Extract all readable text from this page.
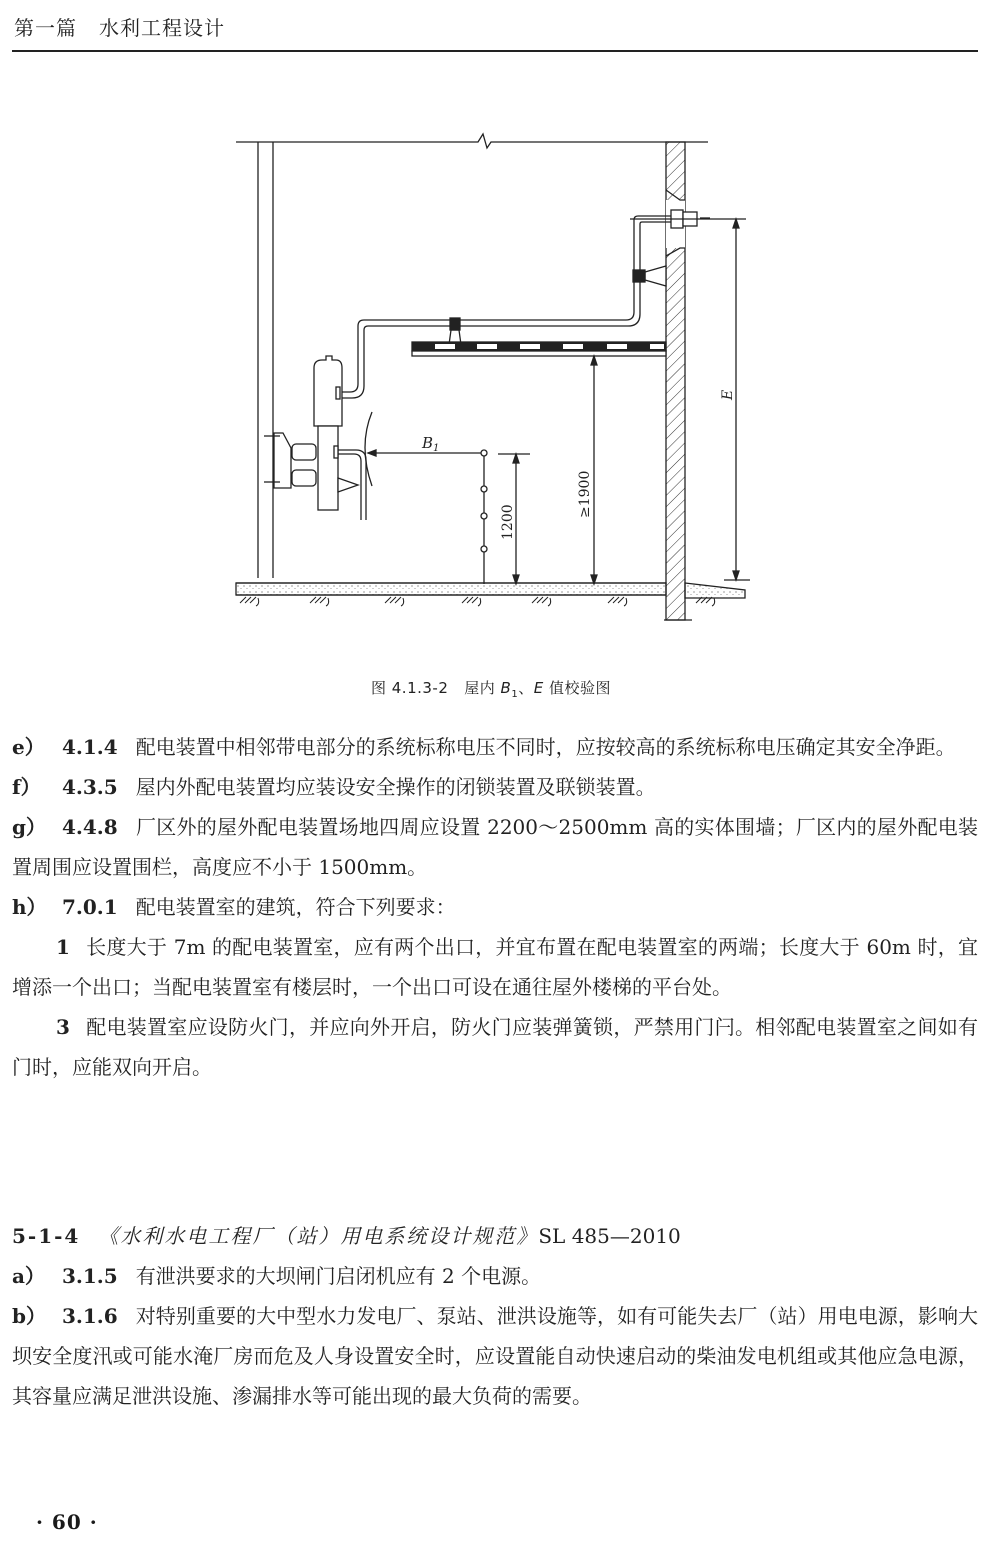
第一篇 水利工程设计
$B_1$
1200
≥1900
E
图 4.1.3-2 屋内 $B_1$、E 值校验图

e） 4.1.4 配电装置中相邻带电部分的系统标称电压不同时，应按较高的系统标称电压确定其安全净距。

f） 4.3.5 屋内外配电装置均应装设安全操作的闭锁装置及联锁装置。

g） 4.4.8 厂区外的屋外配电装置场地四周应设置 2200～2500mm 高的实体围墙；厂区内的屋外配电装置周围应设置围栏，高度应不小于 1500mm。

h） 7.0.1 配电装置室的建筑，符合下列要求：

1 长度大于 7m 的配电装置室，应有两个出口，并宜布置在配电装置室的两端；长度大于 60m 时，宜增添一个出口；当配电装置室有楼层时，一个出口可设在通往屋外楼梯的平台处。

3 配电装置室应设防火门，并应向外开启，防火门应装弹簧锁，严禁用门闩。相邻配电装置室之间如有门时，应能双向开启。

5-1-4 《水利水电工程厂（站）用电系统设计规范》SL 485—2010

a） 3.1.5 有泄洪要求的大坝闸门启闭机应有 2 个电源。

b） 3.1.6 对特别重要的大中型水力发电厂、泵站、泄洪设施等，如有可能失去厂（站）用电电源，影响大坝安全度汛或可能水淹厂房而危及人身设置安全时，应设置能自动快速启动的柴油发电机组或其他应急电源，其容量应满足泄洪设施、渗漏排水等可能出现的最大负荷的需要。

· 60 ·
